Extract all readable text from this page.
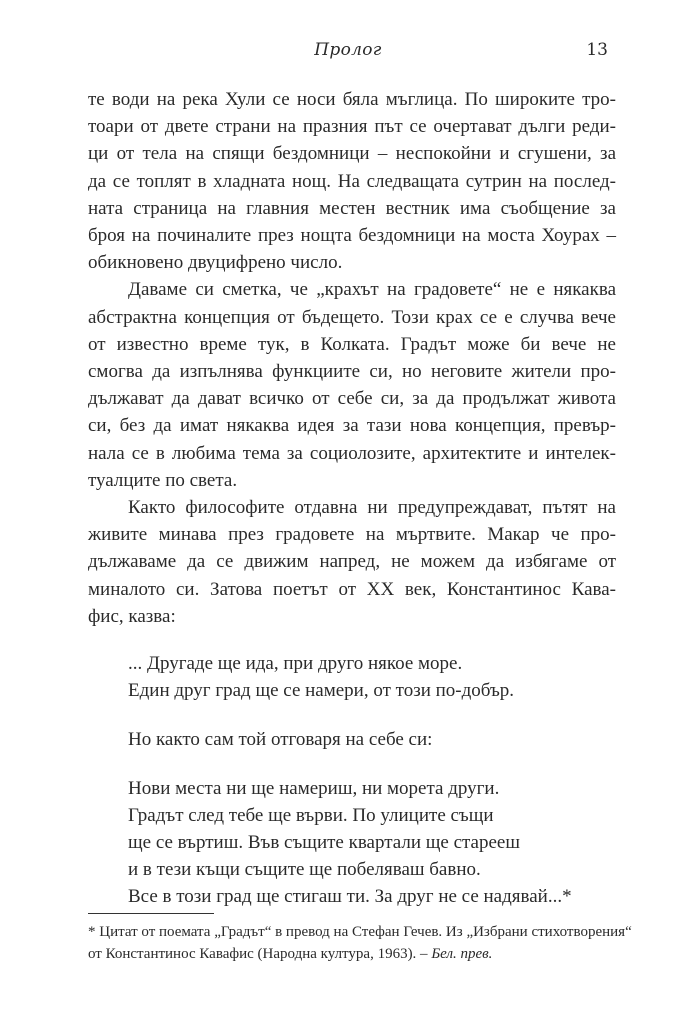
Пролог	13
те води на река Хули се носи бяла мъглица. По широките тро-
тоари от двете страни на празния път се очертават дълги реди-
ци от тела на спящи бездомници – неспокойни и сгушени, за
да се топлят в хладната нощ. На следващата сутрин на послед-
ната страница на главния местен вестник има съобщение за
броя на починалите през нощта бездомници на моста Хоурах –
обикновено двуцифрено число.
Даваме си сметка, че „крахът на градовете“ не е някаква
абстрактна концепция от бъдещето. Този крах се е случва вече
от известно време тук, в Колката. Градът може би вече не
смогва да изпълнява функциите си, но неговите жители про-
дължават да дават всичко от себе си, за да продължат живота
си, без да имат някаква идея за тази нова концепция, превър-
нала се в любима тема за социолозите, архитектите и интелек-
туалците по света.
Както философите отдавна ни предупреждават, пътят на
живите минава през градовете на мъртвите. Макар че про-
дължаваме да се движим напред, не можем да избягаме от
миналото си. Затова поетът от XX век, Константинос Кава-
фис, казва:
... Другаде ще ида, при друго някое море.
Един друг град ще се намери, от този по-добър.
Но както сам той отговаря на себе си:
Нови места ни ще намериш, ни морета други.
Градът след тебе ще върви. По улиците същи
ще се въртиш. Във същите квартали ще старееш
и в тези къщи същите ще побеляваш бавно.
Все в този град ще стигаш ти. За друг не се надявай...*
* Цитат от поемата „Градът“ в превод на Стефан Гечев. Из „Избрани стихотворения“
от Константинос Кавафис (Народна култура, 1963). – Бел. прев.
